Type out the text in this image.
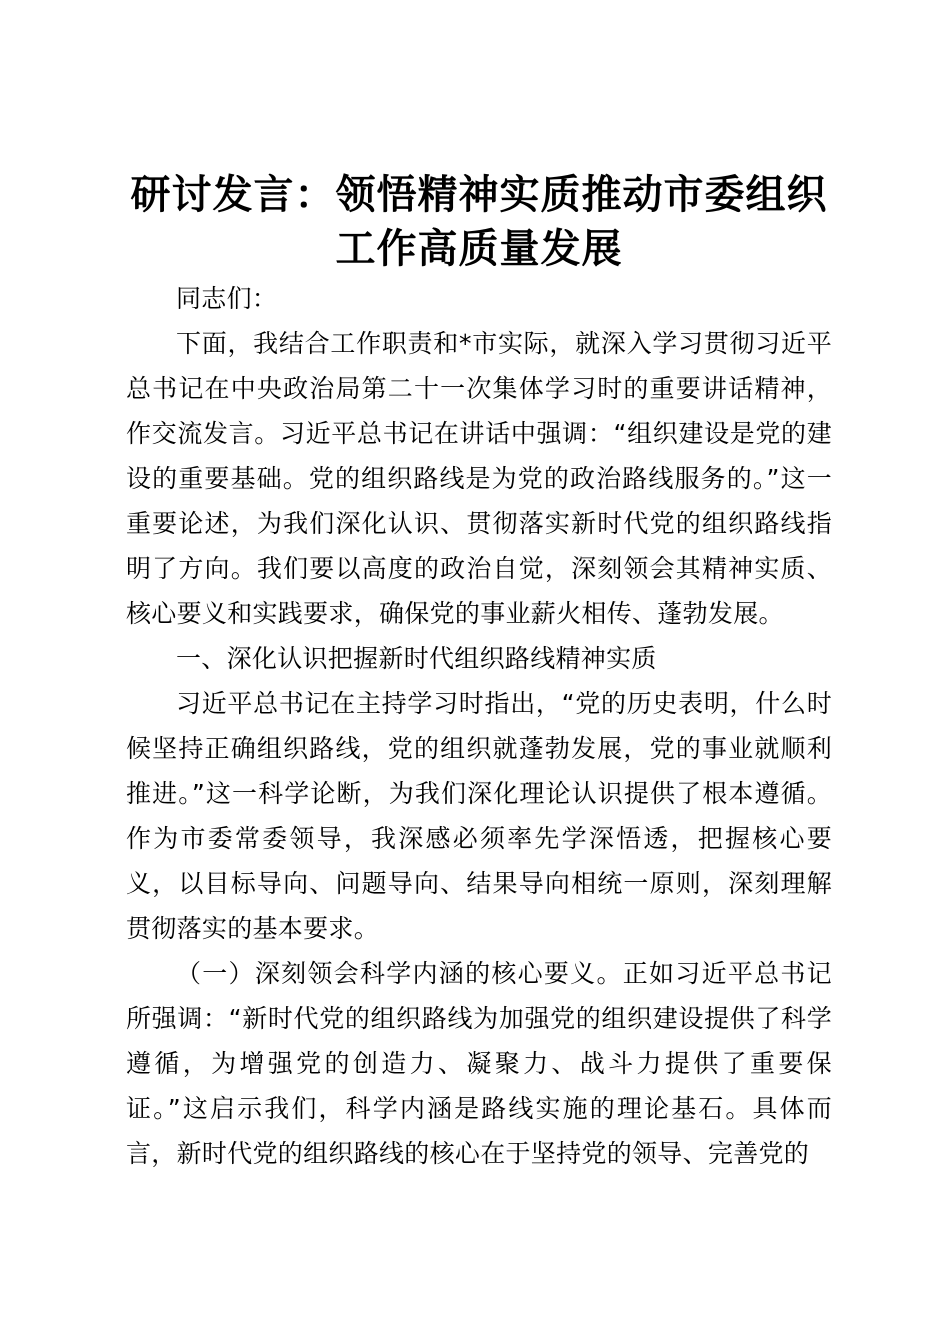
研讨发言：领悟精神实质推动市委组织
工作高质量发展

同志们：

下面，我结合工作职责和*市实际，就深入学习贯彻习近平总书记在中央政治局第二十一次集体学习时的重要讲话精神，作交流发言。习近平总书记在讲话中强调：“组织建设是党的建设的重要基础。党的组织路线是为党的政治路线服务的。”这一重要论述，为我们深化认识、贯彻落实新时代党的组织路线指明了方向。我们要以高度的政治自觉，深刻领会其精神实质、核心要义和实践要求，确保党的事业薪火相传、蓬勃发展。

一、深化认识把握新时代组织路线精神实质

习近平总书记在主持学习时指出，“党的历史表明，什么时候坚持正确组织路线，党的组织就蓬勃发展，党的事业就顺利推进。”这一科学论断，为我们深化理论认识提供了根本遵循。作为市委常委领导，我深感必须率先学深悟透，把握核心要义，以目标导向、问题导向、结果导向相统一原则，深刻理解贯彻落实的基本要求。

（一）深刻领会科学内涵的核心要义。正如习近平总书记所强调：“新时代党的组织路线为加强党的组织建设提供了科学遵循，为增强党的创造力、凝聚力、战斗力提供了重要保证。”这启示我们，科学内涵是路线实施的理论基石。具体而言，新时代党的组织路线的核心在于坚持党的领导、完善党的
